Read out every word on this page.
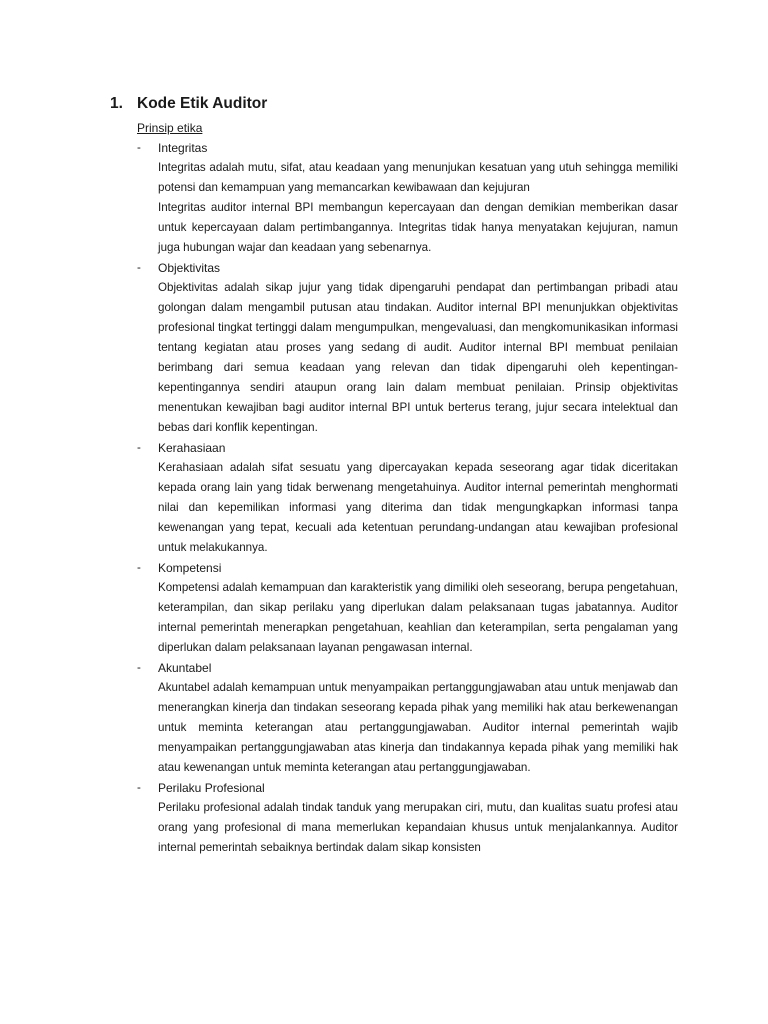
1. Kode Etik Auditor
Prinsip etika
-	Integritas

Integritas adalah mutu, sifat, atau keadaan yang menunjukan kesatuan yang utuh sehingga memiliki potensi dan kemampuan yang memancarkan kewibawaan dan kejujuran

Integritas auditor internal BPI membangun kepercayaan dan dengan demikian memberikan dasar untuk kepercayaan dalam pertimbangannya. Integritas tidak hanya menyatakan kejujuran, namun juga hubungan wajar dan keadaan yang sebenarnya.

-	Objektivitas

Objektivitas adalah sikap jujur yang tidak dipengaruhi pendapat dan pertimbangan pribadi atau golongan dalam mengambil putusan atau tindakan. Auditor internal BPI menunjukkan objektivitas profesional tingkat tertinggi dalam mengumpulkan, mengevaluasi, dan mengkomunikasikan informasi tentang kegiatan atau proses yang sedang di audit. Auditor internal BPI membuat penilaian berimbang dari semua keadaan yang relevan dan tidak dipengaruhi oleh kepentingan-kepentingannya sendiri ataupun orang lain dalam membuat penilaian. Prinsip objektivitas menentukan kewajiban bagi auditor internal BPI untuk berterus terang, jujur secara intelektual dan bebas dari konflik kepentingan.

-	Kerahasiaan

Kerahasiaan adalah sifat sesuatu yang dipercayakan kepada seseorang agar tidak diceritakan kepada orang lain yang tidak berwenang mengetahuinya. Auditor internal pemerintah menghormati nilai dan kepemilikan informasi yang diterima dan tidak mengungkapkan informasi tanpa kewenangan yang tepat, kecuali ada ketentuan perundang-undangan atau kewajiban profesional untuk melakukannya.

-	Kompetensi

Kompetensi adalah kemampuan dan karakteristik yang dimiliki oleh seseorang, berupa pengetahuan, keterampilan, dan sikap perilaku yang diperlukan dalam pelaksanaan tugas jabatannya. Auditor internal pemerintah menerapkan pengetahuan, keahlian dan keterampilan, serta pengalaman yang diperlukan dalam pelaksanaan layanan pengawasan internal.

-	Akuntabel

Akuntabel adalah kemampuan untuk menyampaikan pertanggungjawaban atau untuk menjawab dan menerangkan kinerja dan tindakan seseorang kepada pihak yang memiliki hak atau berkewenangan untuk meminta keterangan atau pertanggungjawaban. Auditor internal pemerintah wajib menyampaikan pertanggungjawaban atas kinerja dan tindakannya kepada pihak yang memiliki hak atau kewenangan untuk meminta keterangan atau pertanggungjawaban.

-	Perilaku Profesional

Perilaku profesional adalah tindak tanduk yang merupakan ciri, mutu, dan kualitas suatu profesi atau orang yang profesional di mana memerlukan kepandaian khusus untuk menjalankannya. Auditor internal pemerintah sebaiknya bertindak dalam sikap konsisten
